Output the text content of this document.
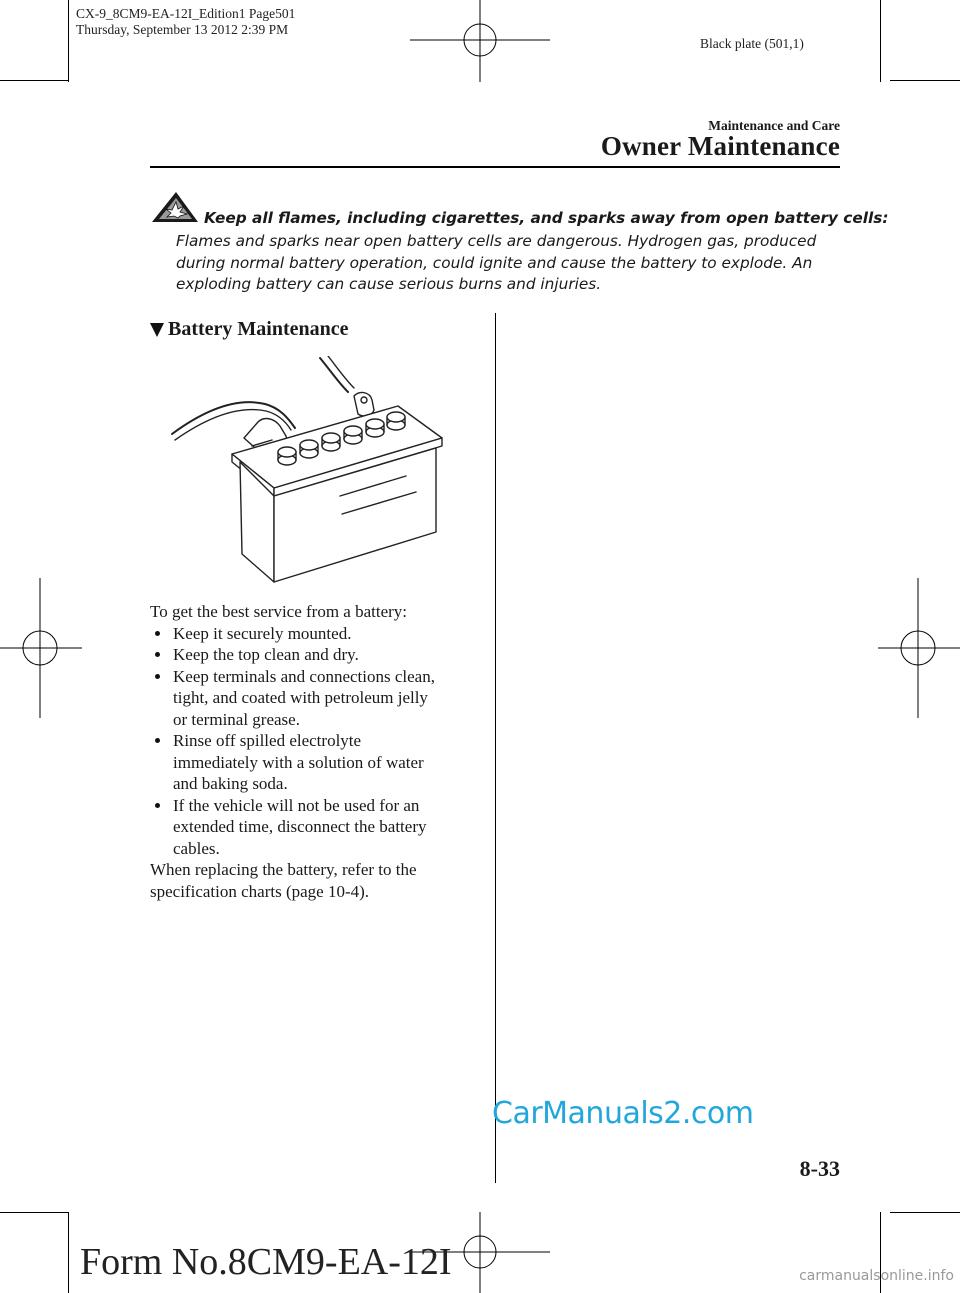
CX-9_8CM9-EA-12I_Edition1 Page501
Thursday, September 13 2012 2:39 PM
Black plate (501,1)
Maintenance and Care
Owner Maintenance
Keep all flames, including cigarettes, and sparks away from open battery cells:

Flames and sparks near open battery cells are dangerous. Hydrogen gas, produced

during normal battery operation, could ignite and cause the battery to explode. An

exploding battery can cause serious burns and injuries.

Battery Maintenance

To get the best service from a battery:

Keep it securely mounted.
Keep the top clean and dry.
Keep terminals and connections clean,
tight, and coated with petroleum jelly
or terminal grease.
Rinse off spilled electrolyte
immediately with a solution of water
and baking soda.
If the vehicle will not be used for an
extended time, disconnect the battery
cables.

When replacing the battery, refer to the

specification charts (page 10-4).

CarManuals2.com
8-33
Form No.8CM9-EA-12I	carmanualsonline.info
